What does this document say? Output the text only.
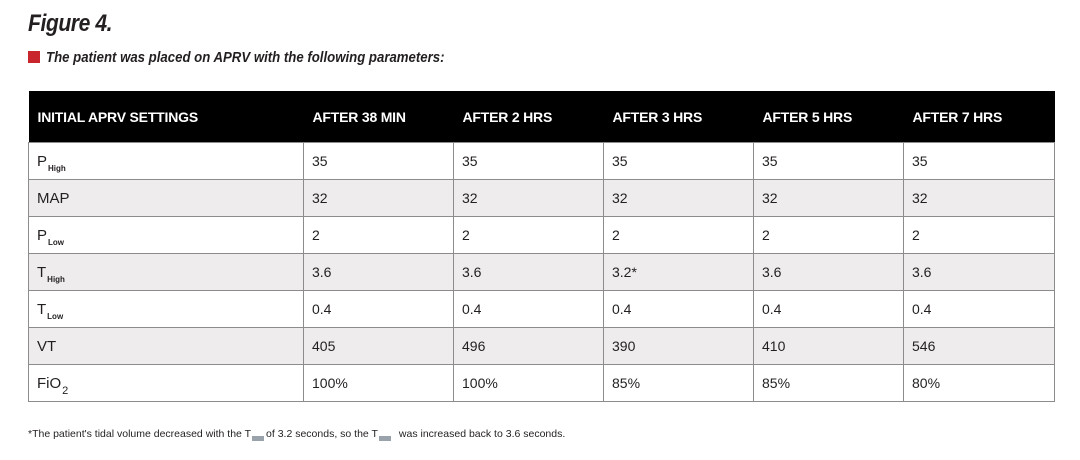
Figure 4.
The patient was placed on APRV with the following parameters:
INITIAL APRV SETTINGS	AFTER 38 MIN	AFTER 2 HRS	AFTER 3 HRS	AFTER 5 HRS	AFTER 7 HRS
$P_{High}$	35	35	35	35	35
MAP	32	32	32	32	32
$P_{Low}$	2	2	2	2	2
$T_{High}$	3.6	3.6	3.2*	3.6	3.6
$T_{Low}$	0.4	0.4	0.4	0.4	0.4
VT	405	496	390	410	546
FiO$_2$	100%	100%	85%	85%	80%
*The patient's tidal volume decreased with the T of 3.2 seconds, so the T was increased back to 3.6 seconds.
